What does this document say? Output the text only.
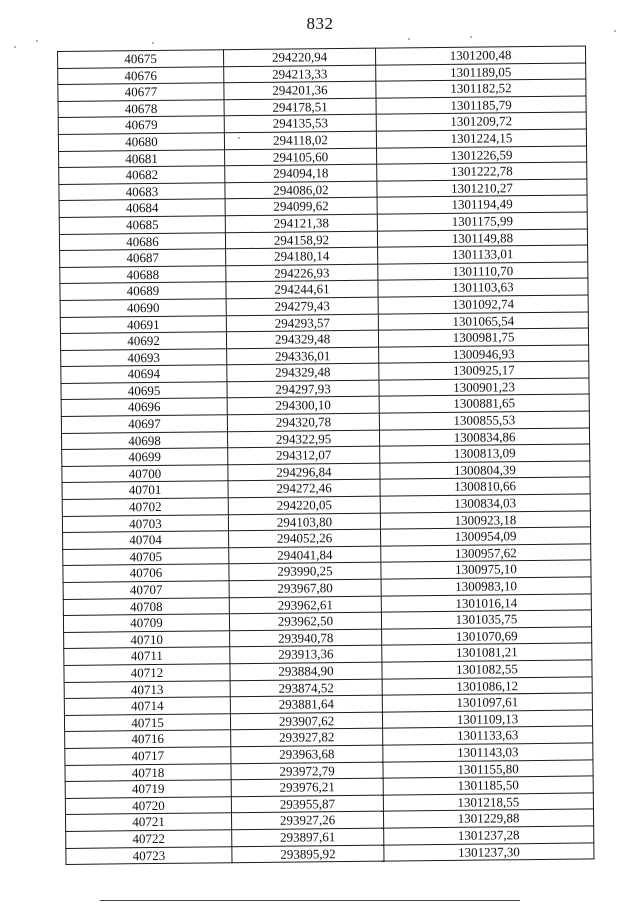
832
40675	294220,94	1301200,48
40676	294213,33	1301189,05
40677	294201,36	1301182,52
40678	294178,51	1301185,79
40679	294135,53	1301209,72
40680	294118,02	1301224,15
40681	294105,60	1301226,59
40682	294094,18	1301222,78
40683	294086,02	1301210,27
40684	294099,62	1301194,49
40685	294121,38	1301175,99
40686	294158,92	1301149,88
40687	294180,14	1301133,01
40688	294226,93	1301110,70
40689	294244,61	1301103,63
40690	294279,43	1301092,74
40691	294293,57	1301065,54
40692	294329,48	1300981,75
40693	294336,01	1300946,93
40694	294329,48	1300925,17
40695	294297,93	1300901,23
40696	294300,10	1300881,65
40697	294320,78	1300855,53
40698	294322,95	1300834,86
40699	294312,07	1300813,09
40700	294296,84	1300804,39
40701	294272,46	1300810,66
40702	294220,05	1300834,03
40703	294103,80	1300923,18
40704	294052,26	1300954,09
40705	294041,84	1300957,62
40706	293990,25	1300975,10
40707	293967,80	1300983,10
40708	293962,61	1301016,14
40709	293962,50	1301035,75
40710	293940,78	1301070,69
40711	293913,36	1301081,21
40712	293884,90	1301082,55
40713	293874,52	1301086,12
40714	293881,64	1301097,61
40715	293907,62	1301109,13
40716	293927,82	1301133,63
40717	293963,68	1301143,03
40718	293972,79	1301155,80
40719	293976,21	1301185,50
40720	293955,87	1301218,55
40721	293927,26	1301229,88
40722	293897,61	1301237,28
40723	293895,92	1301237,30
